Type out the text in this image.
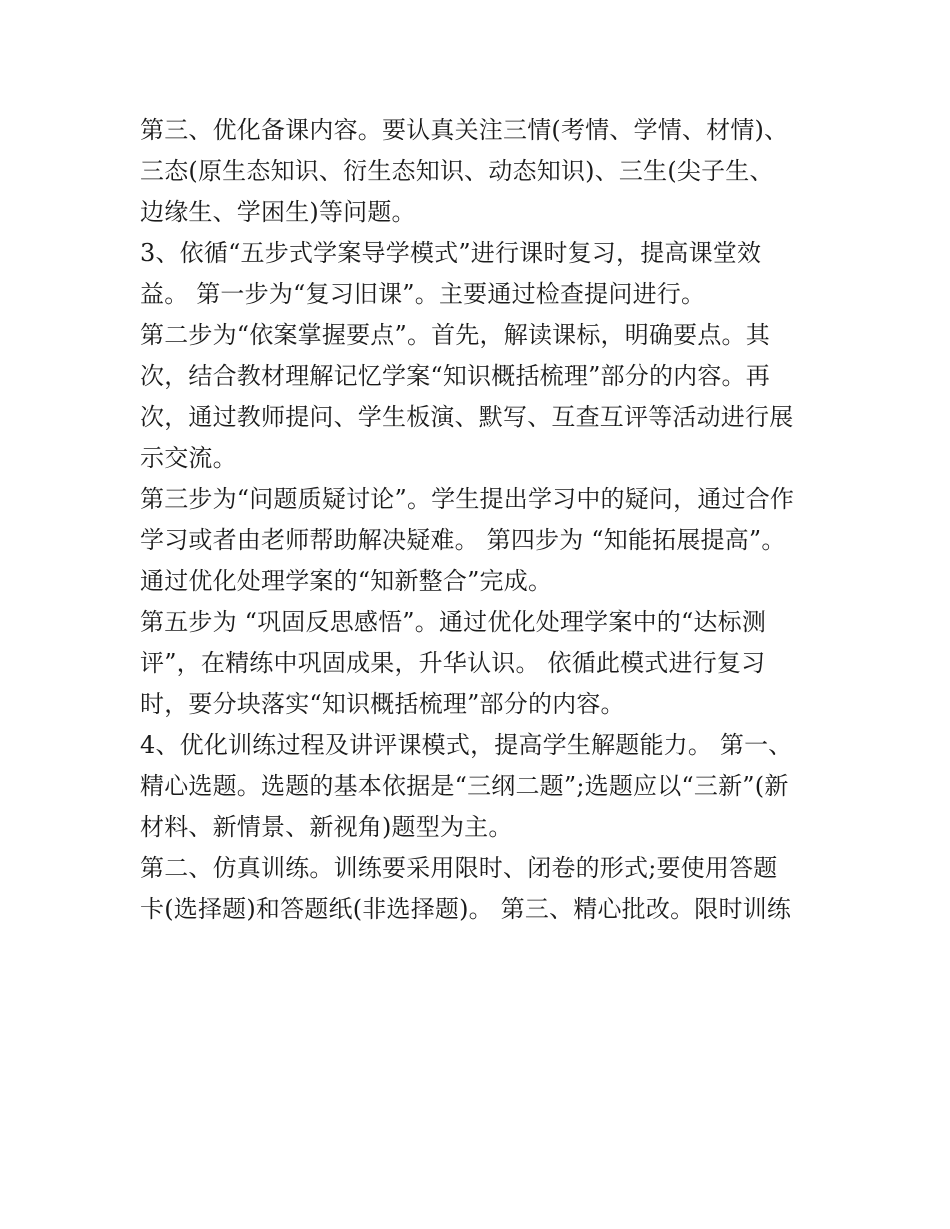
第三、优化备课内容。要认真关注三情(考情、学情、材情)、
三态(原生态知识、衍生态知识、动态知识)、三生(尖子生、
边缘生、学困生)等问题。
3、依循“五步式学案导学模式”进行课时复习，提高课堂效
益。 第一步为“复习旧课”。主要通过检查提问进行。
第二步为“依案掌握要点”。首先，解读课标，明确要点。其
次，结合教材理解记忆学案“知识概括梳理”部分的内容。再
次，通过教师提问、学生板演、默写、互查互评等活动进行展
示交流。
第三步为“问题质疑讨论”。学生提出学习中的疑问，通过合作
学习或者由老师帮助解决疑难。 第四步为 “知能拓展提高”。
通过优化处理学案的“知新整合”完成。
第五步为 “巩固反思感悟”。通过优化处理学案中的“达标测
评”，在精练中巩固成果，升华认识。 依循此模式进行复习
时，要分块落实“知识概括梳理”部分的内容。
4、优化训练过程及讲评课模式，提高学生解题能力。 第一、
精心选题。选题的基本依据是“三纲二题”;选题应以“三新”(新
材料、新情景、新视角)题型为主。
第二、仿真训练。训练要采用限时、闭卷的形式;要使用答题
卡(选择题)和答题纸(非选择题)。 第三、精心批改。限时训练
